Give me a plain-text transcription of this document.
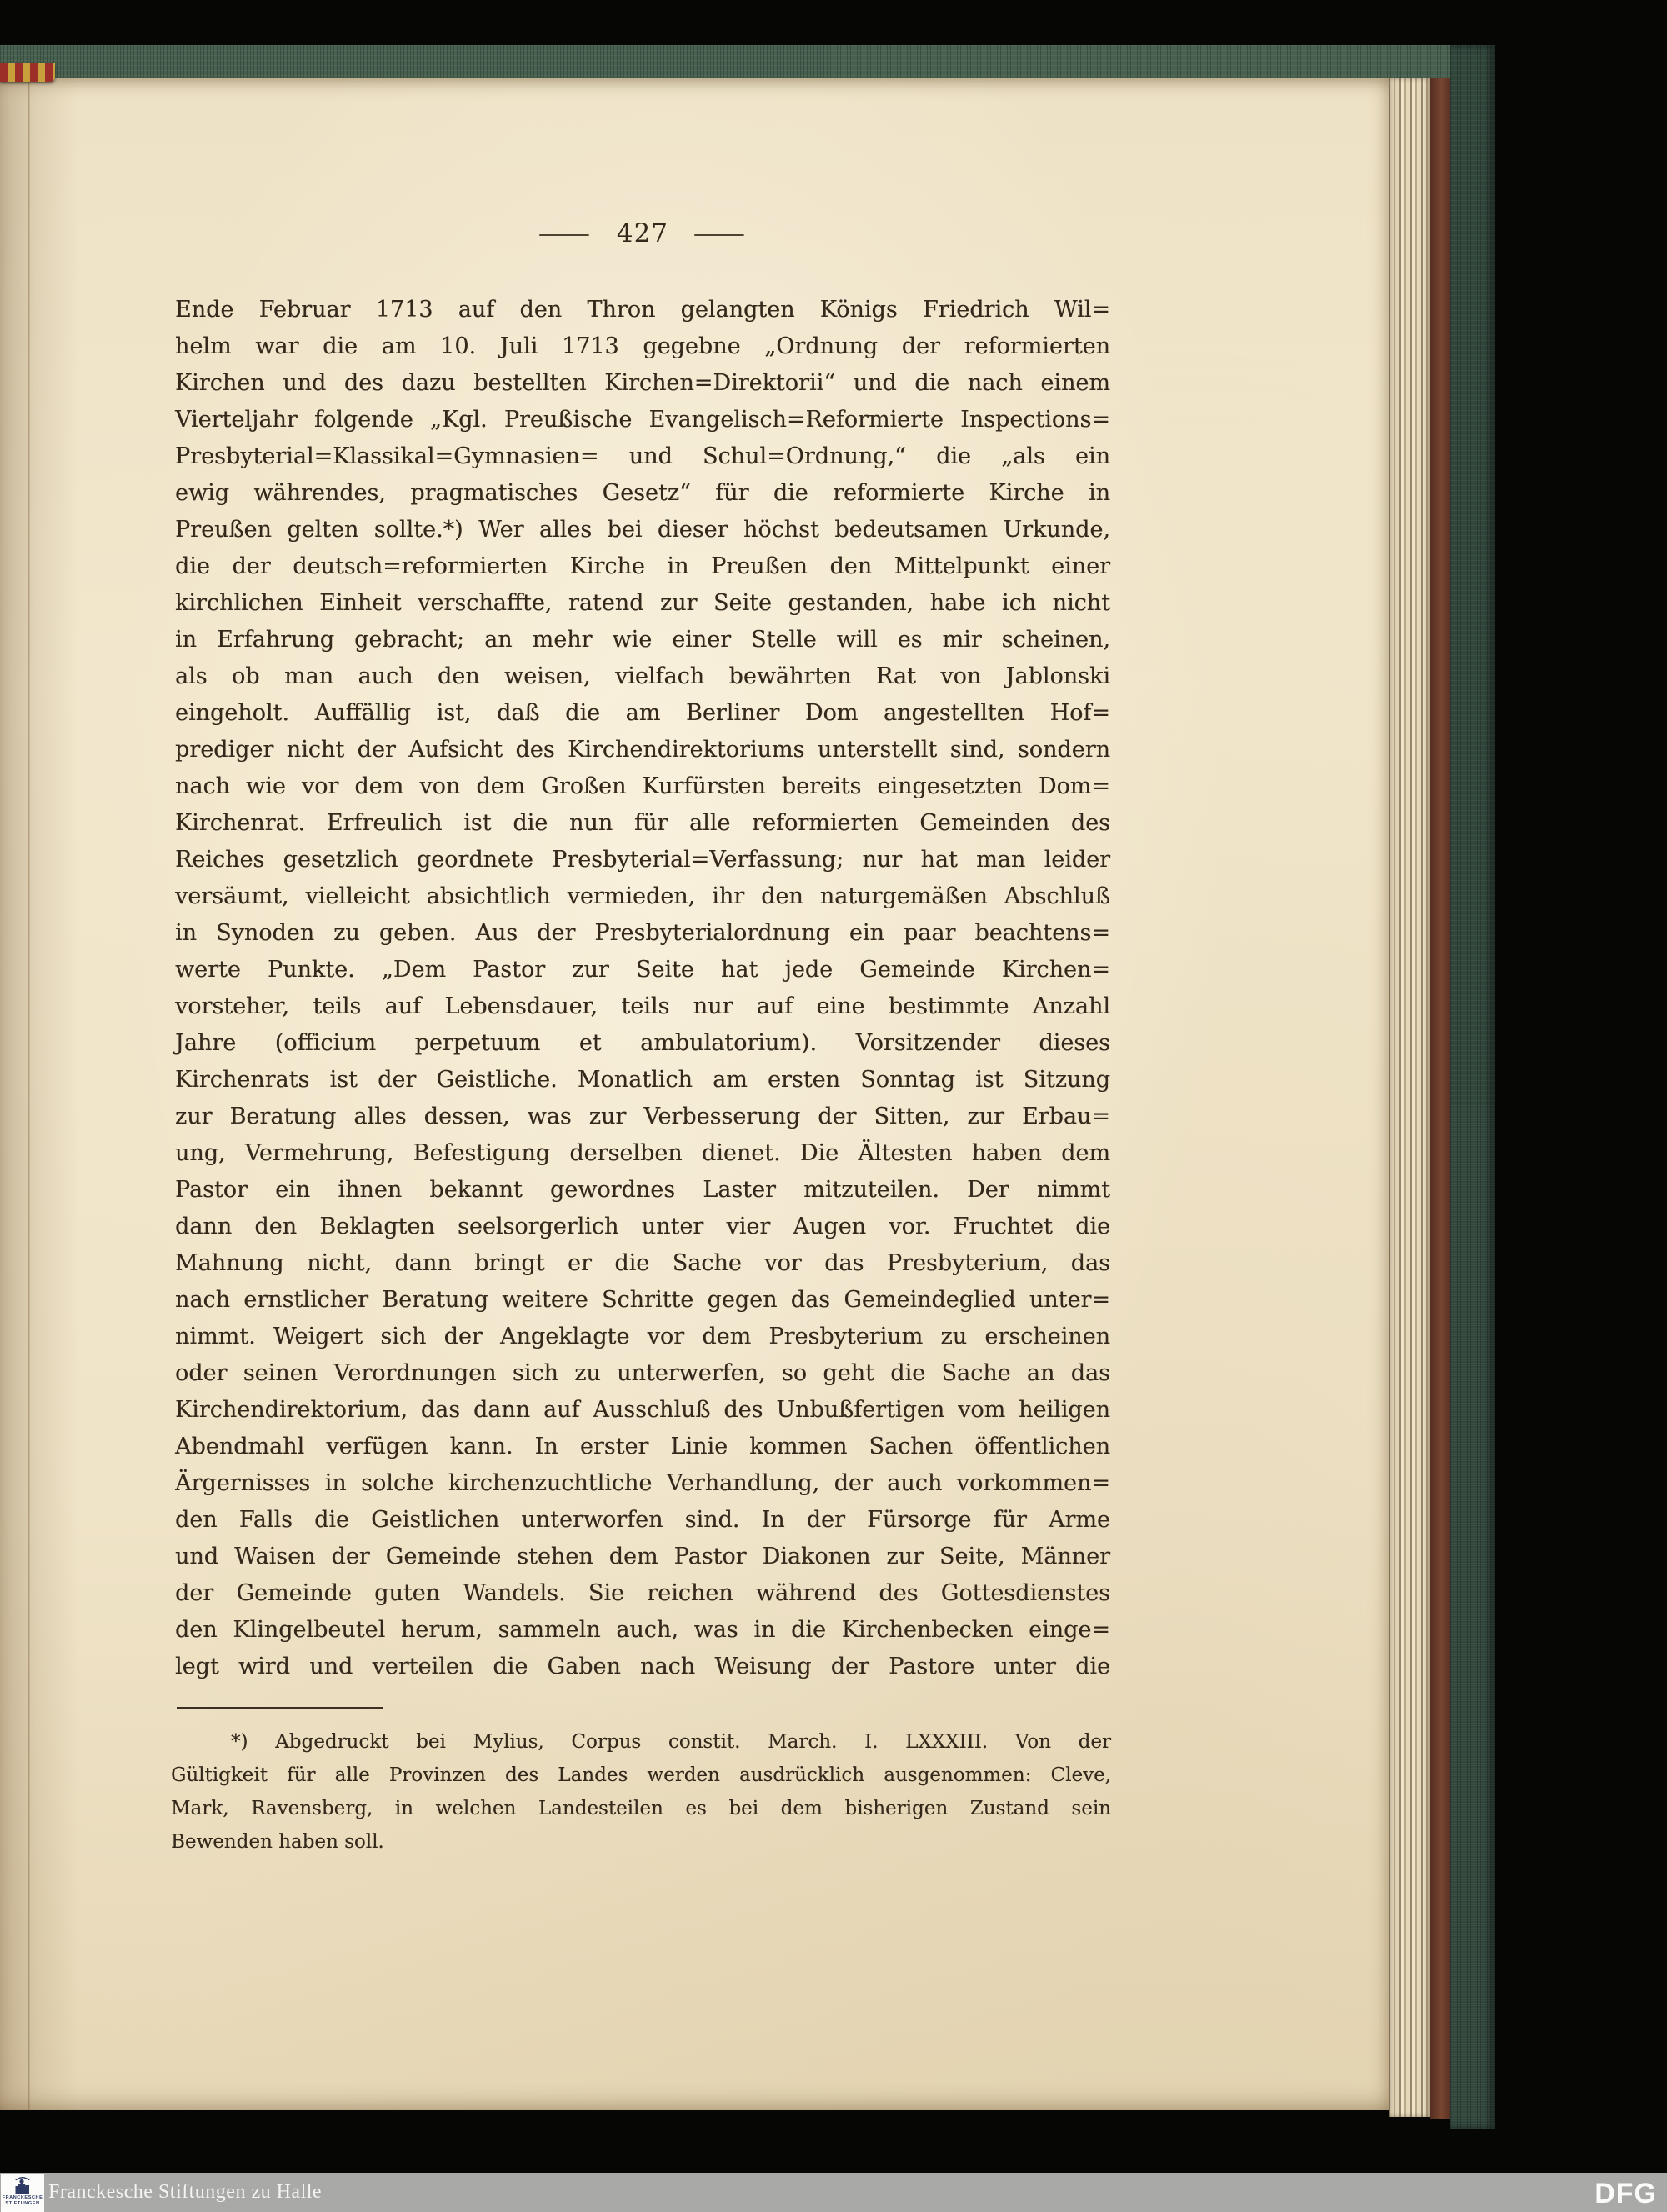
— 427 —
Ende Februar 1713 auf den Thron gelangten Königs Friedrich Wil=
helm war die am 10. Juli 1713 gegebne „Ordnung der reformierten
Kirchen und des dazu bestellten Kirchen=Direktorii“ und die nach einem
Vierteljahr folgende „Kgl. Preußische Evangelisch=Reformierte Inspections=
Presbyterial=Klassikal=Gymnasien= und Schul=Ordnung,“ die „als ein
ewig währendes, pragmatisches Gesetz“ für die reformierte Kirche in
Preußen gelten sollte.*) Wer alles bei dieser höchst bedeutsamen Urkunde,
die der deutsch=reformierten Kirche in Preußen den Mittelpunkt einer
kirchlichen Einheit verschaffte, ratend zur Seite gestanden, habe ich nicht
in Erfahrung gebracht; an mehr wie einer Stelle will es mir scheinen,
als ob man auch den weisen, vielfach bewährten Rat von Jablonski
eingeholt. Auffällig ist, daß die am Berliner Dom angestellten Hof=
prediger nicht der Aufsicht des Kirchendirektoriums unterstellt sind, sondern
nach wie vor dem von dem Großen Kurfürsten bereits eingesetzten Dom=
Kirchenrat. Erfreulich ist die nun für alle reformierten Gemeinden des
Reiches gesetzlich geordnete Presbyterial=Verfassung; nur hat man leider
versäumt, vielleicht absichtlich vermieden, ihr den naturgemäßen Abschluß
in Synoden zu geben. Aus der Presbyterialordnung ein paar beachtens=
werte Punkte. „Dem Pastor zur Seite hat jede Gemeinde Kirchen=
vorsteher, teils auf Lebensdauer, teils nur auf eine bestimmte Anzahl
Jahre (officium perpetuum et ambulatorium). Vorsitzender dieses
Kirchenrats ist der Geistliche. Monatlich am ersten Sonntag ist Sitzung
zur Beratung alles dessen, was zur Verbesserung der Sitten, zur Erbau=
ung, Vermehrung, Befestigung derselben dienet. Die Ältesten haben dem
Pastor ein ihnen bekannt gewordnes Laster mitzuteilen. Der nimmt
dann den Beklagten seelsorgerlich unter vier Augen vor. Fruchtet die
Mahnung nicht, dann bringt er die Sache vor das Presbyterium, das
nach ernstlicher Beratung weitere Schritte gegen das Gemeindeglied unter=
nimmt. Weigert sich der Angeklagte vor dem Presbyterium zu erscheinen
oder seinen Verordnungen sich zu unterwerfen, so geht die Sache an das
Kirchendirektorium, das dann auf Ausschluß des Unbußfertigen vom heiligen
Abendmahl verfügen kann. In erster Linie kommen Sachen öffentlichen
Ärgernisses in solche kirchenzuchtliche Verhandlung, der auch vorkommen=
den Falls die Geistlichen unterworfen sind. In der Fürsorge für Arme
und Waisen der Gemeinde stehen dem Pastor Diakonen zur Seite, Männer
der Gemeinde guten Wandels. Sie reichen während des Gottesdienstes
den Klingelbeutel herum, sammeln auch, was in die Kirchenbecken einge=
legt wird und verteilen die Gaben nach Weisung der Pastore unter die
*) Abgedruckt bei Mylius, Corpus constit. March. I. LXXXIII. Von der
Gültigkeit für alle Provinzen des Landes werden ausdrücklich ausgenommen: Cleve,
Mark, Ravensberg, in welchen Landesteilen es bei dem bisherigen Zustand sein
Bewenden haben soll.
Franckesche Stiftungen zu Halle	DFG
FRANCKESCHE
STIFTUNGEN
